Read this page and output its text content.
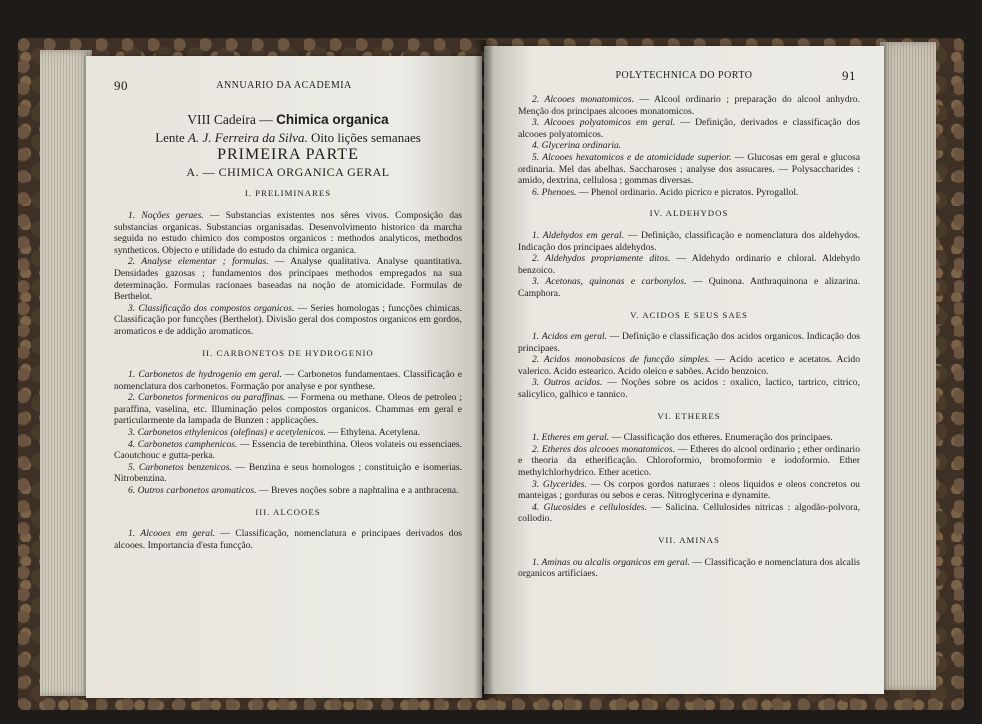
90	ANNUARIO DA ACADEMIA
VIII Cadeira — Chimica organica
Lente A. J. Ferreira da Silva. Oito lições semanaes
PRIMEIRA PARTE
A. — CHIMICA ORGANICA GERAL
I. PRELIMINARES

1. Noções geraes. — Substancias existentes nos sêres vivos. Composição das substancias organicas. Substancias organisadas. Desenvolvimento historico da marcha seguida no estudo chimico dos compostos organicos : methodos analyticos, methodos syntheticos. Objecto e utilidade do estudo da chimica organica.

2. Analyse elementar ; formulas. — Analyse qualitativa. Analyse quantitativa. Densidades gazosas ; fundamentos dos principaes methodos empregados na sua determinação. Formulas racionaes baseadas na noção de atomicidade. Formulas de Berthelot.

3. Classificação dos compostos organicos. — Series homologas ; funcções chimicas. Classificação por funcções (Berthelot). Divisão geral dos compostos organicos em gordos, aromaticos e de addição aromaticos.

II. CARBONETOS DE HYDROGENIO

1. Carbonetos de hydrogenio em geral. — Carbonetos fundamentaes. Classificação e nomenclatura dos carbonetos. Formação por analyse e por synthese.

2. Carbonetos formenicos ou paraffinas. — Formena ou methane. Oleos de petroleo ; paraffina, vaselina, etc. Illuminação pelos compostos organicos. Chammas em geral e particularmente da lampada de Bunzen : applicações.

3. Carbonetos ethylenicos (olefinas) e acetylenicos. — Ethylena. Acetylena.

4. Carbonetos camphenicos. — Essencia de terebinthina. Oleos volateis ou essenciaes. Caoutchouc e gutta-perka.

5. Carbonetos benzenicos. — Benzina e seus homologos ; constituição e isomerias. Nitrobenzina.

6. Outros carbonetos aromaticos. — Breves noções sobre a naphtalina e a anthracena.

III. ALCOOES

1. Alcooes em geral. — Classificação, nomenclatura e principaes derivados dos alcooes. Importancia d'esta funcção.

POLYTECHNICA DO PORTO	91

2. Alcooes monatomicos. — Alcool ordinario ; preparação do alcool anhydro. Menção dos principaes alcooes monatomicos.

3. Alcooes polyatomicos em geral. — Definição, derivados e classificação dos alcooes polyatomicos.

4. Glycerina ordinaria.

5. Alcooes hexatomicos e de atomicidade superior. — Glucosas em geral e glucosa ordinaria. Mel das abelhas. Saccharoses ; analyse dos assucares. — Polysaccharides : amido, dextrina, cellulosa ; gommas diversas.

6. Phenoes. — Phenol ordinario. Acido picrico e picratos. Pyrogallol.

IV. ALDEHYDOS

1. Aldehydos em geral. — Definição, classificação e nomenclatura dos aldehydos. Indicação dos principaes aldehydos.

2. Aldehydos propriamente ditos. — Aldehydo ordinario e chloral. Aldehydo benzoico.

3. Acetonas, quinonas e carbonylos. — Quinona. Anthraquinona e alizarina. Camphora.

V. ACIDOS E SEUS SAES

1. Acidos em geral. — Definição e classificação dos acidos organicos. Indicação dos principaes.

2. Acidos monobasicos de funcção simples. — Acido acetico e acetatos. Acido valerico. Acido estearico. Acido oleico e sabões. Acido benzoico.

3. Outros acidos. — Noções sobre os acidos : oxalico, lactico, tartrico, citrico, salicylico, galhico e tannico.

VI. ETHERES

1. Etheres em geral. — Classificação dos etheres. Enumeração dos principaes.

2. Etheres dos alcooes monatomicos. — Etheres do alcool ordinario ; ether ordinario e theoria da etherificação. Chloroformio, bromoformio e iodoformio. Ether methylchlorhydrico. Ether acetico.

3. Glycerides. — Os corpos gordos naturaes : oleos liquidos e oleos concretos ou manteigas ; gorduras ou sebos e ceras. Nitroglycerina e dynamite.

4. Glucosides e cellulosides. — Salicina. Cellulosides nitricas : algodão-polvora, collodio.

VII. AMINAS

1. Aminas ou alcalis organicos em geral. — Classificação e nomenclatura dos alcalis organicos artificiaes.
